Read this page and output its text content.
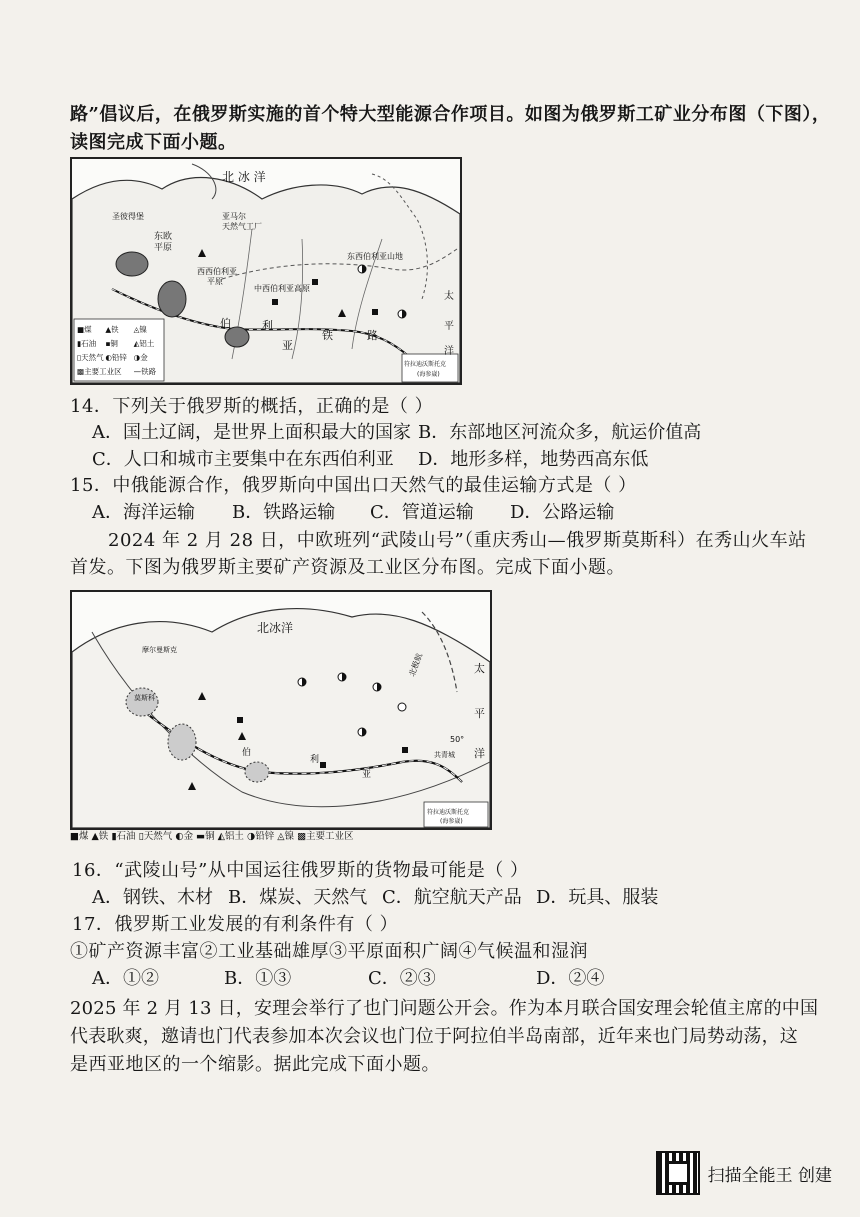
路”倡议后，在俄罗斯实施的首个特大型能源合作项目。如图为俄罗斯工矿业分布图（下图），
读图完成下面小题。
北 冰 洋
亚马尔
天然气工厂
东欧
平原
西西伯利亚
平原
中西伯利亚高原
东西伯利亚山地
圣彼得堡
伯	利
亚
铁	路
太
平
洋
符拉迪沃斯托克
(海参崴)
■煤	▲铁	◬镍
▮石油	▪铜	◭铝土
▯天然气 ◐铅锌 ◑金
▩主要工业区	—铁路
14．下列关于俄罗斯的概括，正确的是（ ）
A．国土辽阔，是世界上面积最大的国家 B．东部地区河流众多，航运价值高
C．人口和城市主要集中在东西伯利亚 D．地形多样，地势西高东低
15．中俄能源合作，俄罗斯向中国出口天然气的最佳运输方式是（ ）
A．海洋运输 B．铁路运输 C．管道运输 D．公路运输
2024 年 2 月 28 日，中欧班列“武陵山号”（重庆秀山—俄罗斯莫斯科）在秀山火车站
首发。下图为俄罗斯主要矿产资源及工业区分布图。完成下面小题。
北冰洋
北极航	太
平
洋
50°
摩尔曼斯克
莫斯科
伯
利
亚
共青城
符拉迪沃斯托克
(海参崴)
■煤 ▲铁 ▮石油 ▯天然气 ◐金 ▬铜 ◭铝土 ◑铅锌 ◬镍 ▩主要工业区
16．“武陵山号”从中国运往俄罗斯的货物最可能是（ ）
A．钢铁、木材 B．煤炭、天然气 C．航空航天产品 D．玩具、服装
17．俄罗斯工业发展的有利条件有（ ）
①矿产资源丰富②工业基础雄厚③平原面积广阔④气候温和湿润
A．①②	B．①③	C．②③	D．②④
2025 年 2 月 13 日，安理会举行了也门问题公开会。作为本月联合国安理会轮值主席的中国
代表耿爽，邀请也门代表参加本次会议也门位于阿拉伯半岛南部，近年来也门局势动荡，这
是西亚地区的一个缩影。据此完成下面小题。
扫描全能王 创建
